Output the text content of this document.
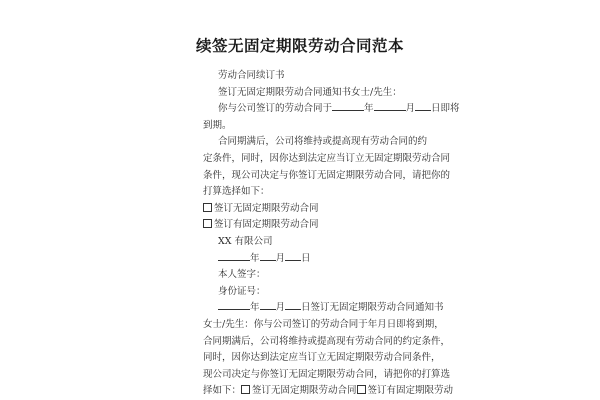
续签无固定期限劳动合同范本

劳动合同续订书

签订无固定期限劳动合同通知书女士/先生：

你与公司签订的劳动合同于	年	月 日即将

到期。

合同期满后，公司将维持或提高现有劳动合同的约

定条件，同时，因你达到法定应当订立无固定期限劳动合同

条件，现公司决定与你签订无固定期限劳动合同，请把你的

打算选择如下：

签订无固定期限劳动合同

签订有固定期限劳动合同

XX 有限公司

年 月 日

本人签字：

身份证号：

年 月 日签订无固定期限劳动合同通知书

女士/先生：你与公司签订的劳动合同于年月日即将到期，

合同期满后，公司将维持或提高现有劳动合同的约定条件，

同时，因你达到法定应当订立无固定期限劳动合同条件，

现公司决定与你签订无固定期限劳动合同，请把你的打算选

择如下： 签订无固定期限劳动合同 签订有固定期限劳动
